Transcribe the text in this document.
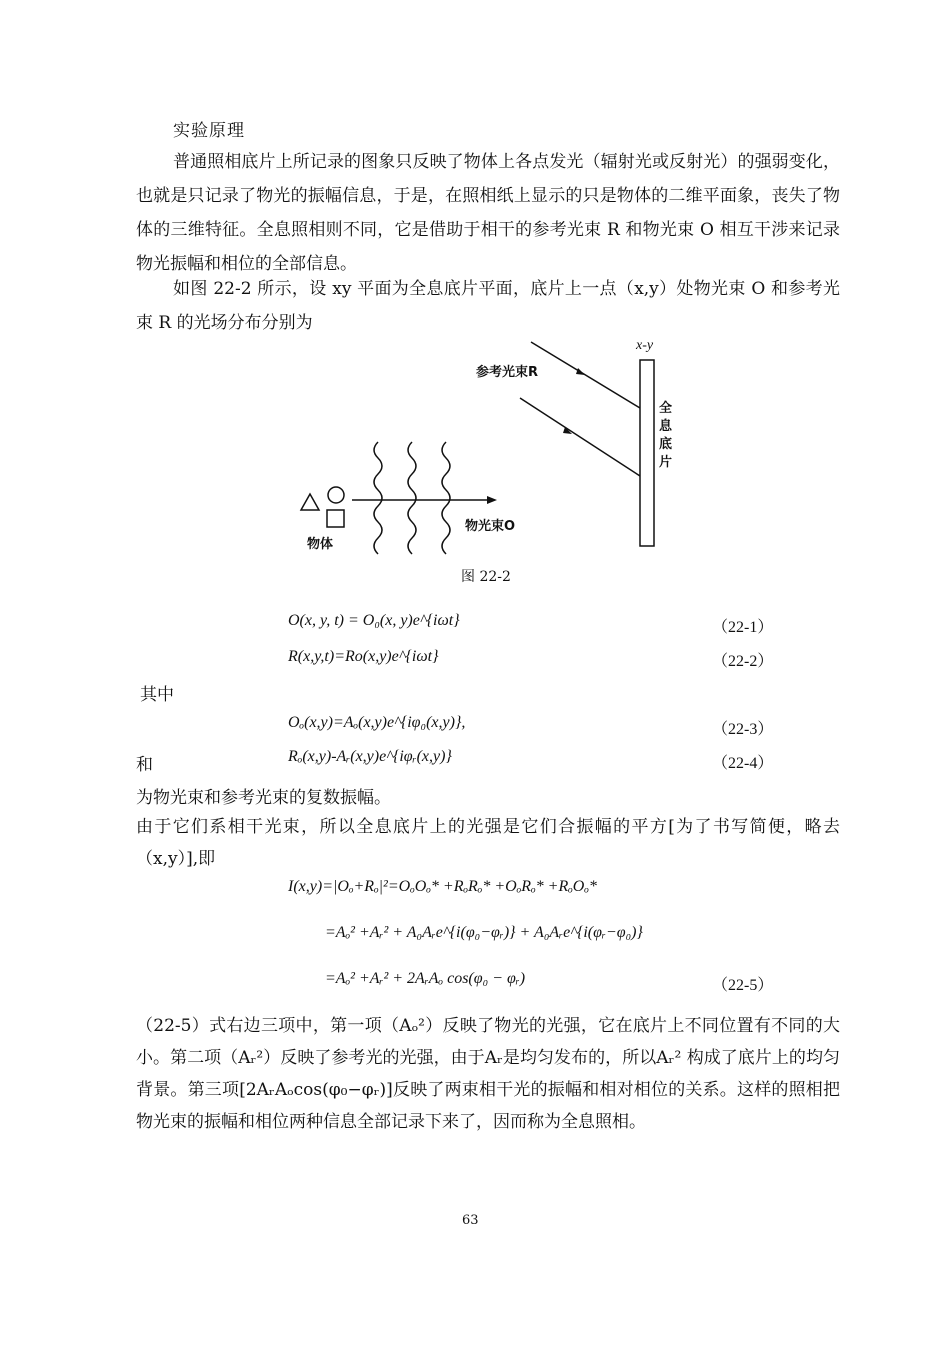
实验原理
普通照相底片上所记录的图象只反映了物体上各点发光（辐射光或反射光）的强弱变化，也就是只记录了物光的振幅信息，于是，在照相纸上显示的只是物体的二维平面象，丧失了物体的三维特征。全息照相则不同，它是借助于相干的参考光束 R 和物光束 O 相互干涉来记录物光振幅和相位的全部信息。
如图 22-2 所示，设 xy 平面为全息底片平面，底片上一点（x,y）处物光束 O 和参考光束 R 的光场分布分别为
x-y
参考光束R
全
息
底
片
物光束O
物体
图 22-2
O(x, y, t) = O₀(x, y)e^{iωt}	（22-1）
R(x,y,t)=Ro(x,y)e^{iωt}	（22-2）
其中
Oₒ(x,y)=Aₒ(x,y)e^{iφ₀(x,y)},	（22-3）
和	Rₒ(x,y)-Aᵣ(x,y)e^{iφᵣ(x,y)}	（22-4）
为物光束和参考光束的复数振幅。
由于它们系相干光束，所以全息底片上的光强是它们合振幅的平方[为了书写简便，略去（x,y）],即
I(x,y)=|Oₒ+Rₒ|²=OₒOₒ* +RₒRₒ* +OₒRₒ* +RₒOₒ*
=Aₒ² +Aᵣ² + A₀Aᵣe^{i(φ₀−φᵣ)} + A₀Aᵣe^{i(φᵣ−φ₀)}
=Aₒ² +Aᵣ² + 2AᵣAₒ cos(φ₀ − φᵣ)	（22-5）
（22-5）式右边三项中，第一项（Aₒ²）反映了物光的光强，它在底片上不同位置有不同的大小。第二项（Aᵣ²）反映了参考光的光强，由于Aᵣ是均匀发布的，所以Aᵣ² 构成了底片上的均匀背景。第三项[2AᵣAₒcos(φ₀−φᵣ)]反映了两束相干光的振幅和相对相位的关系。这样的照相把物光束的振幅和相位两种信息全部记录下来了，因而称为全息照相。
63
